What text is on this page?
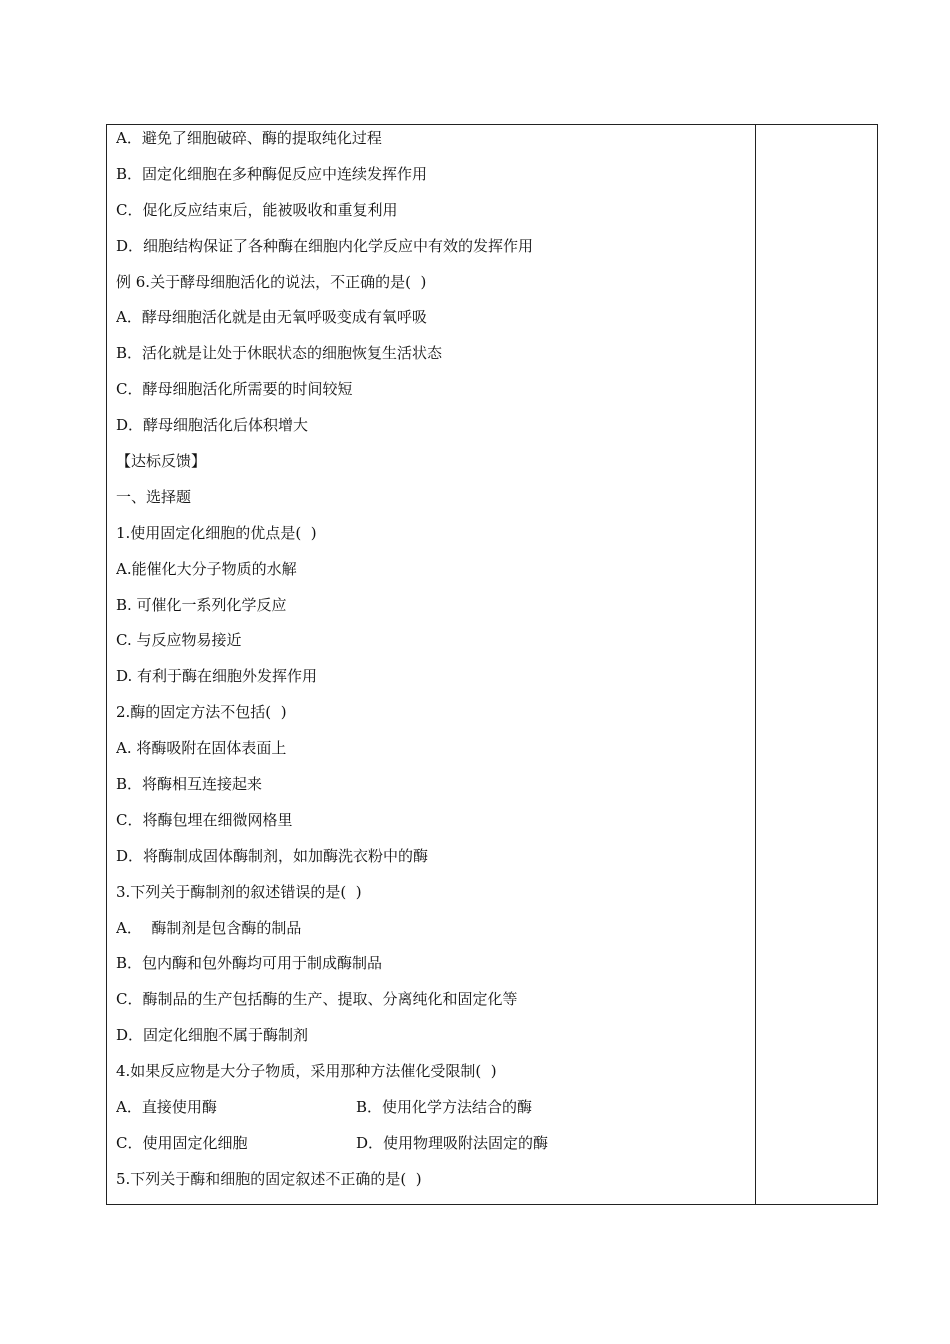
A．避免了细胞破碎、酶的提取纯化过程
B．固定化细胞在多种酶促反应中连续发挥作用
C．促化反应结束后，能被吸收和重复利用
D．细胞结构保证了各种酶在细胞内化学反应中有效的发挥作用
例 6.关于酵母细胞活化的说法，不正确的是(  )
A．酵母细胞活化就是由无氧呼吸变成有氧呼吸
B．活化就是让处于休眠状态的细胞恢复生活状态
C．酵母细胞活化所需要的时间较短
D．酵母细胞活化后体积增大
【达标反馈】
一、选择题
1.使用固定化细胞的优点是(  )
A.能催化大分子物质的水解
B. 可催化一系列化学反应
C. 与反应物易接近
D. 有利于酶在细胞外发挥作用
2.酶的固定方法不包括(  )
A. 将酶吸附在固体表面上
B．将酶相互连接起来
C．将酶包埋在细微网格里
D．将酶制成固体酶制剂，如加酶洗衣粉中的酶
3.下列关于酶制剂的叙述错误的是(  )
A．  酶制剂是包含酶的制品
B．包内酶和包外酶均可用于制成酶制品
C．酶制品的生产包括酶的生产、提取、分离纯化和固定化等
D．固定化细胞不属于酶制剂
4.如果反应物是大分子物质，采用那种方法催化受限制(  )
A．直接使用酶	B．使用化学方法结合的酶
C．使用固定化细胞	D．使用物理吸附法固定的酶
5.下列关于酶和细胞的固定叙述不正确的是(  )
